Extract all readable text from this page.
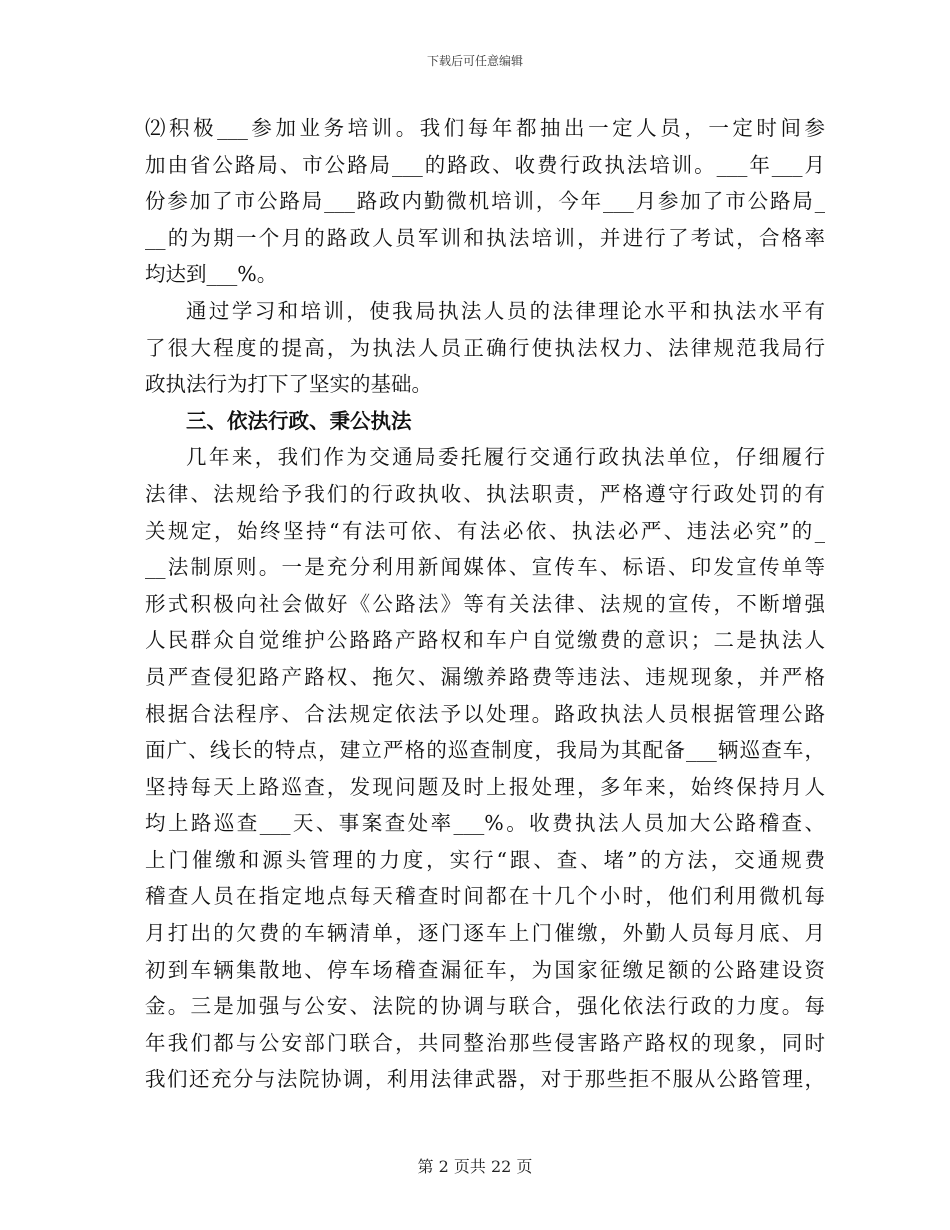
下载后可任意编辑
⑵积极___参加业务培训。我们每年都抽出一定人员，一定时间参
加由省公路局、市公路局___的路政、收费行政执法培训。___年___月
份参加了市公路局___路政内勤微机培训，今年___月参加了市公路局_
__的为期一个月的路政人员军训和执法培训，并进行了考试，合格率
均达到___%。
通过学习和培训，使我局执法人员的法律理论水平和执法水平有
了很大程度的提高，为执法人员正确行使执法权力、法律规范我局行
政执法行为打下了坚实的基础。
三、依法行政、秉公执法
几年来，我们作为交通局委托履行交通行政执法单位，仔细履行
法律、法规给予我们的行政执收、执法职责，严格遵守行政处罚的有
关规定，始终坚持“有法可依、有法必依、执法必严、违法必究”的_
__法制原则。一是充分利用新闻媒体、宣传车、标语、印发宣传单等
形式积极向社会做好《公路法》等有关法律、法规的宣传，不断增强
人民群众自觉维护公路路产路权和车户自觉缴费的意识；二是执法人
员严查侵犯路产路权、拖欠、漏缴养路费等违法、违规现象，并严格
根据合法程序、合法规定依法予以处理。路政执法人员根据管理公路
面广、线长的特点，建立严格的巡查制度，我局为其配备___辆巡查车，
坚持每天上路巡查，发现问题及时上报处理，多年来，始终保持月人
均上路巡查___天、事案查处率___%。收费执法人员加大公路稽查、
上门催缴和源头管理的力度，实行“跟、查、堵”的方法，交通规费
稽查人员在指定地点每天稽查时间都在十几个小时，他们利用微机每
月打出的欠费的车辆清单，逐门逐车上门催缴，外勤人员每月底、月
初到车辆集散地、停车场稽查漏征车，为国家征缴足额的公路建设资
金。三是加强与公安、法院的协调与联合，强化依法行政的力度。每
年我们都与公安部门联合，共同整治那些侵害路产路权的现象，同时
我们还充分与法院协调，利用法律武器，对于那些拒不服从公路管理，
第 2 页共 22 页
